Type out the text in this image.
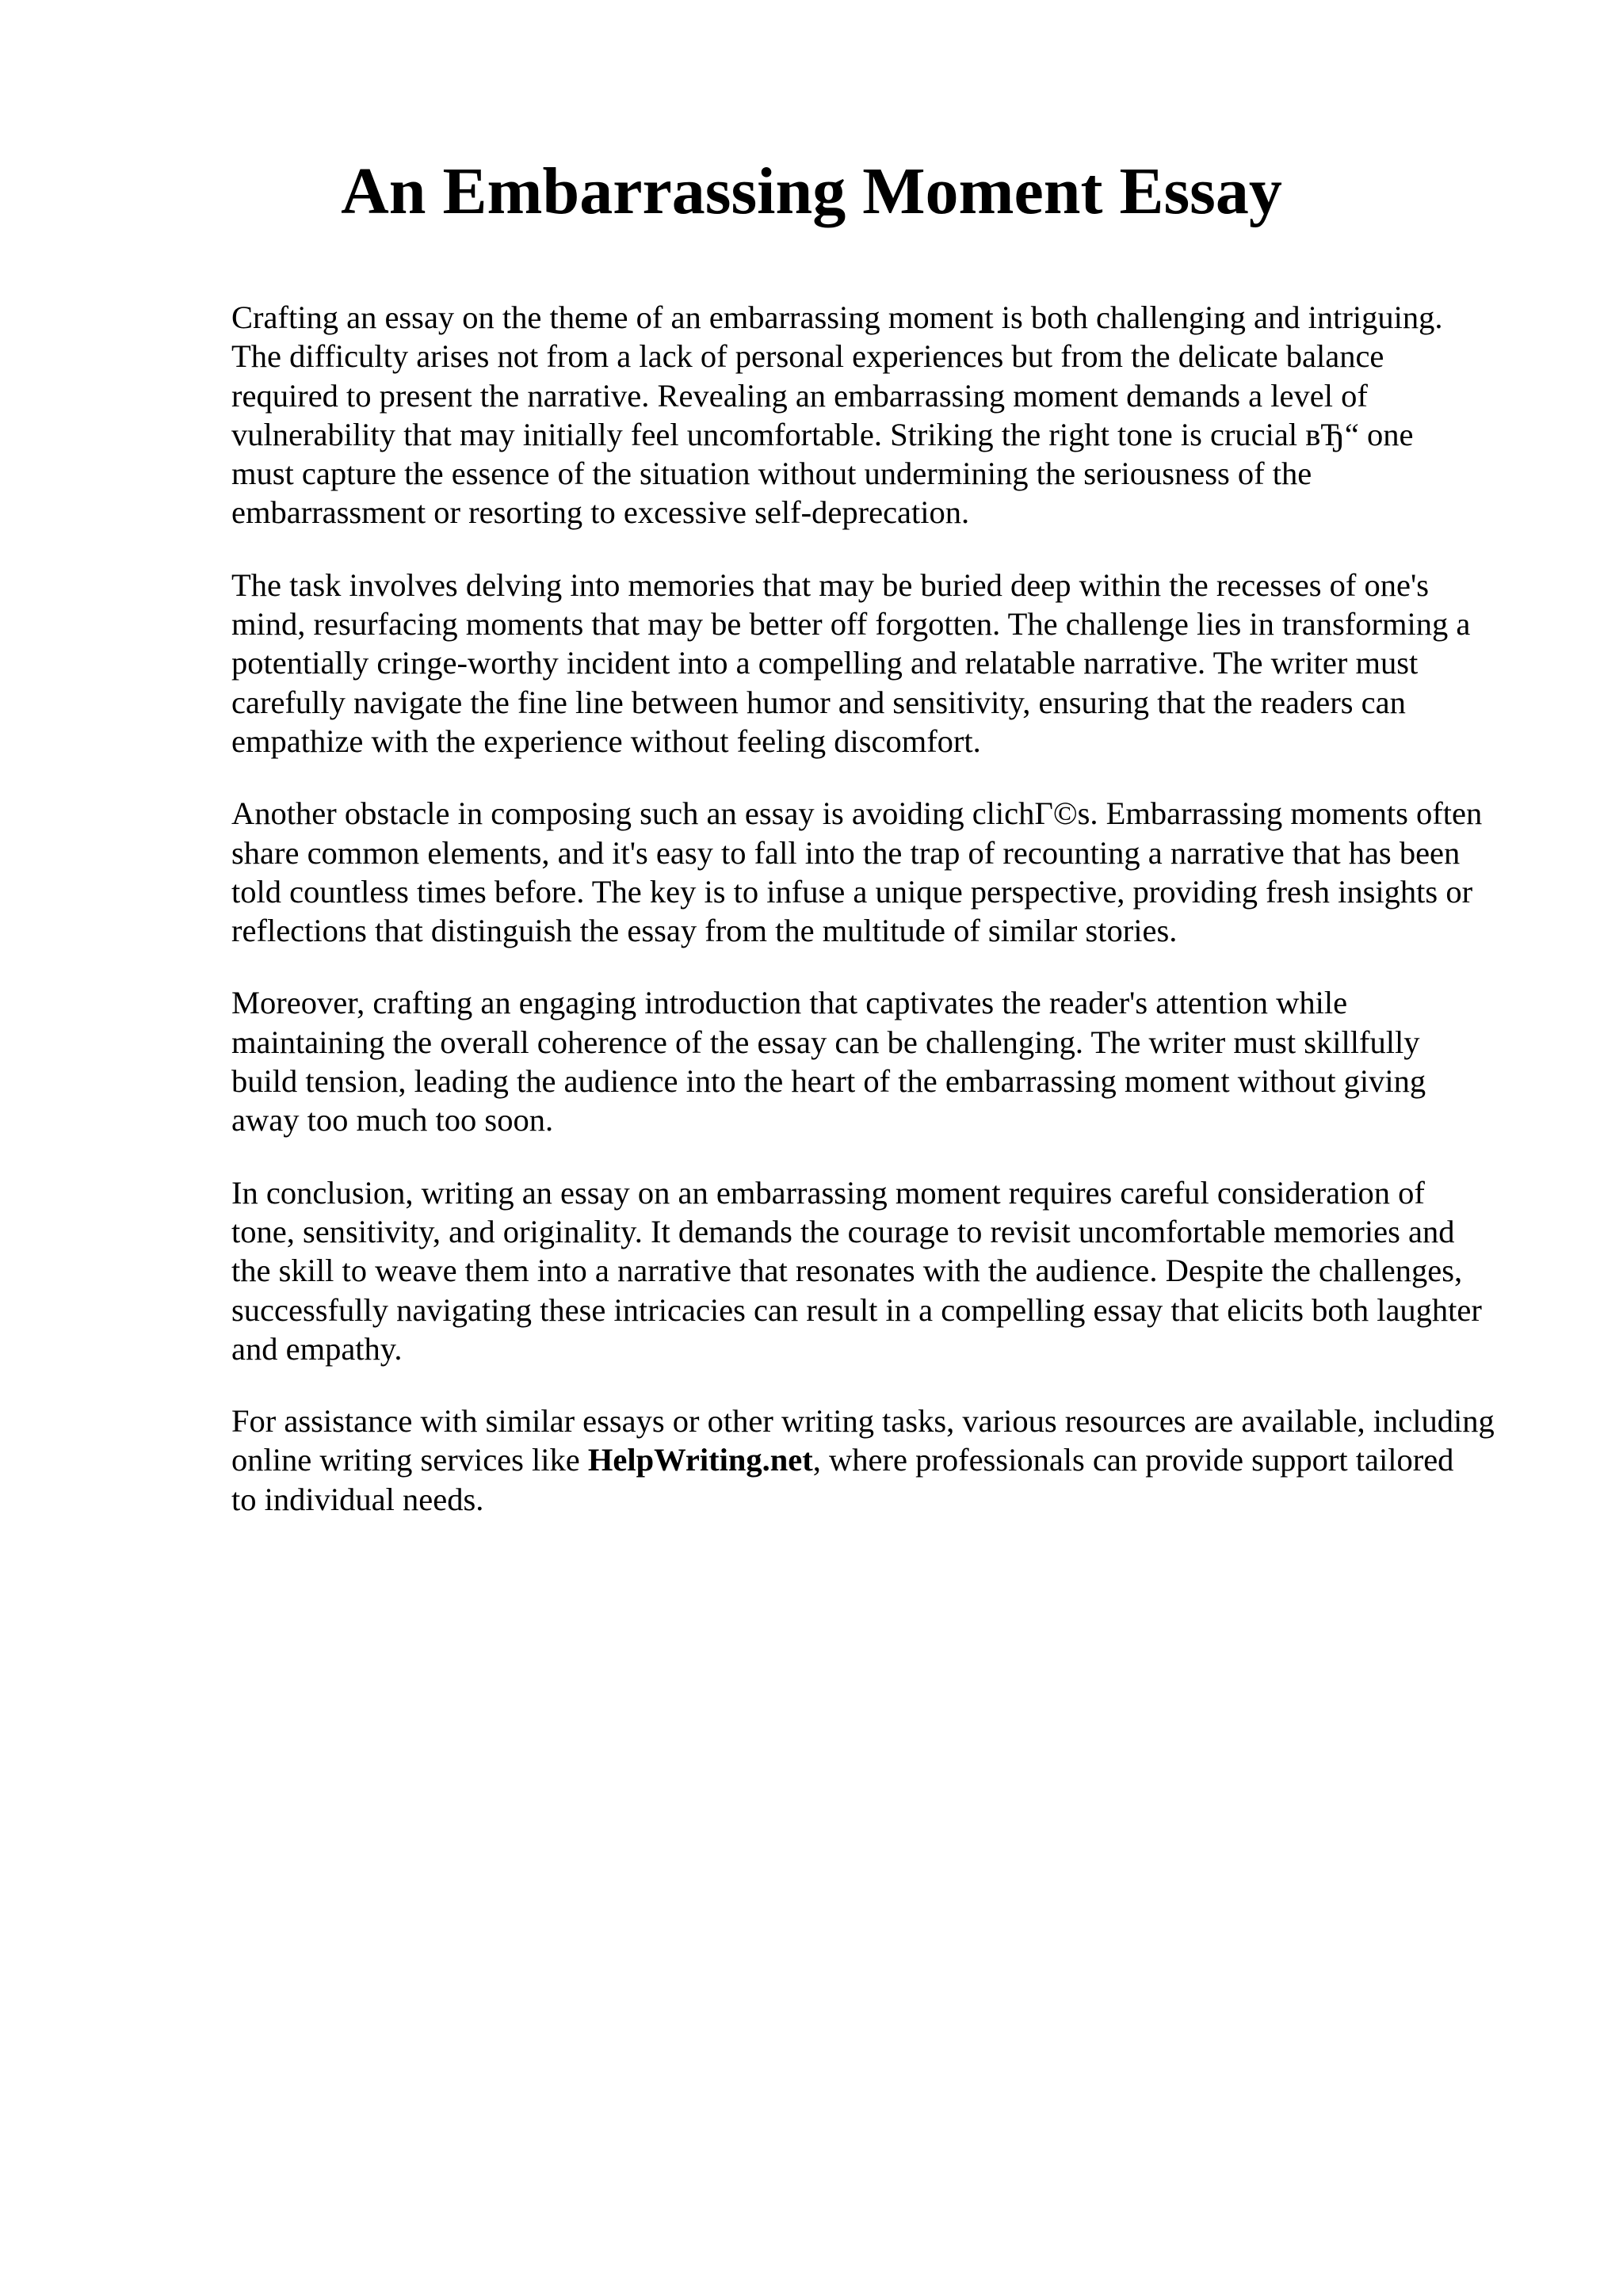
An Embarrassing Moment Essay

Crafting an essay on the theme of an embarrassing moment is both challenging and intriguing.
The difficulty arises not from a lack of personal experiences but from the delicate balance
required to present the narrative. Revealing an embarrassing moment demands a level of
vulnerability that may initially feel uncomfortable. Striking the right tone is crucial вЂ“ one
must capture the essence of the situation without undermining the seriousness of the
embarrassment or resorting to excessive self-deprecation.

The task involves delving into memories that may be buried deep within the recesses of one's
mind, resurfacing moments that may be better off forgotten. The challenge lies in transforming a
potentially cringe-worthy incident into a compelling and relatable narrative. The writer must
carefully navigate the fine line between humor and sensitivity, ensuring that the readers can
empathize with the experience without feeling discomfort.

Another obstacle in composing such an essay is avoiding clichГ©s. Embarrassing moments often
share common elements, and it's easy to fall into the trap of recounting a narrative that has been
told countless times before. The key is to infuse a unique perspective, providing fresh insights or
reflections that distinguish the essay from the multitude of similar stories.

Moreover, crafting an engaging introduction that captivates the reader's attention while
maintaining the overall coherence of the essay can be challenging. The writer must skillfully
build tension, leading the audience into the heart of the embarrassing moment without giving
away too much too soon.

In conclusion, writing an essay on an embarrassing moment requires careful consideration of
tone, sensitivity, and originality. It demands the courage to revisit uncomfortable memories and
the skill to weave them into a narrative that resonates with the audience. Despite the challenges,
successfully navigating these intricacies can result in a compelling essay that elicits both laughter
and empathy.

For assistance with similar essays or other writing tasks, various resources are available, including
online writing services like HelpWriting.net, where professionals can provide support tailored
to individual needs.
